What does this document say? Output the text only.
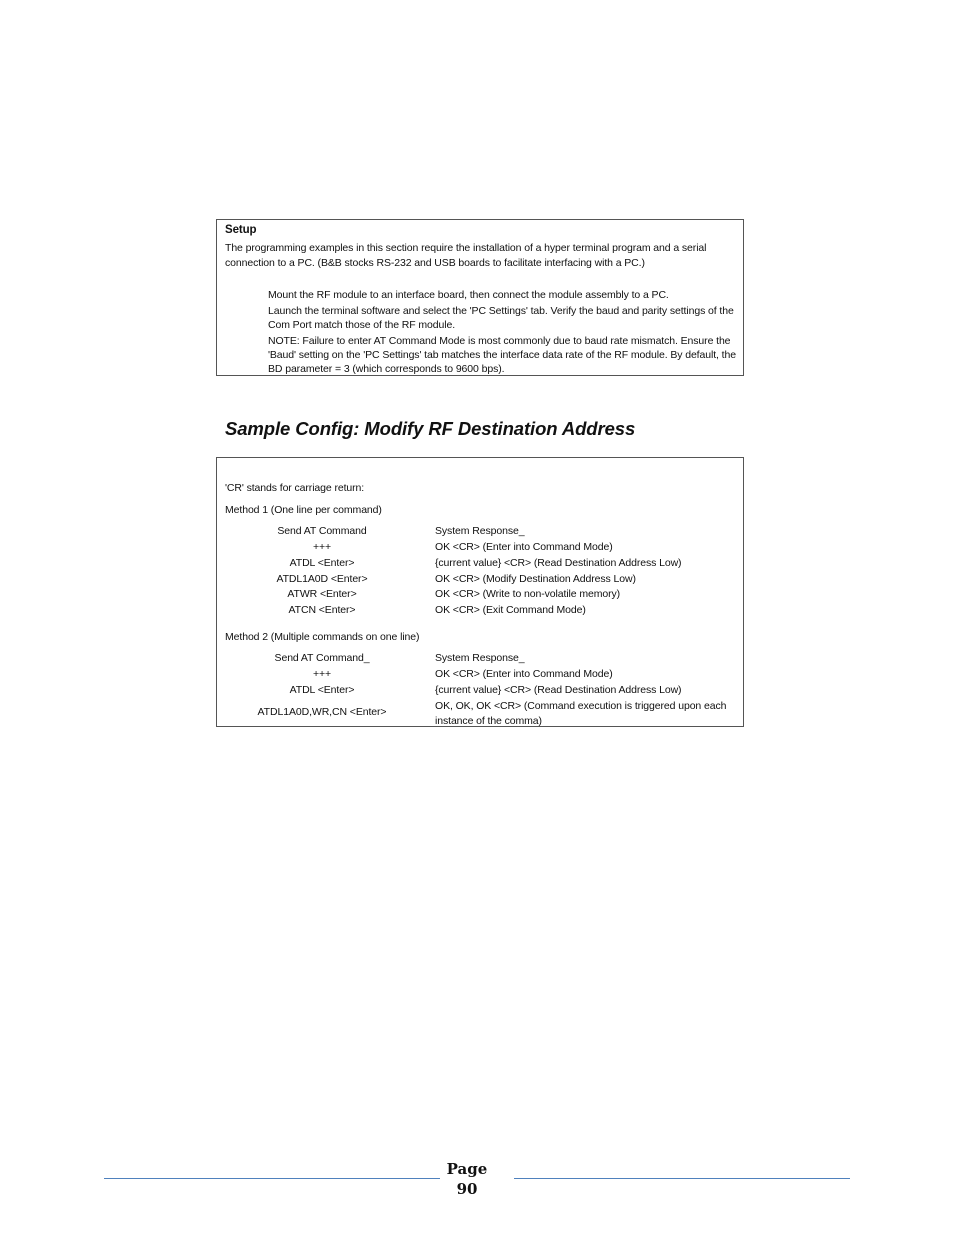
Setup
The programming examples in this section require the installation of a hyper terminal program and a serial connection to a PC. (B&B stocks RS-232 and USB boards to facilitate interfacing with a PC.)
Mount the RF module to an interface board, then connect the module assembly to a PC.
Launch the terminal software and select the 'PC Settings' tab. Verify the baud and parity settings of the Com Port match those of the RF module.
NOTE: Failure to enter AT Command Mode is most commonly due to baud rate mismatch. Ensure the 'Baud' setting on the 'PC Settings' tab matches the interface data rate of the RF module. By default, the BD parameter = 3 (which corresponds to 9600 bps).
Sample Config: Modify RF Destination Address
'CR' stands for carriage return:
Method 1 (One line per command)
Send AT Command	System Response_
+++	OK <CR> (Enter into Command Mode)
ATDL <Enter>	{current value} <CR> (Read Destination Address Low)
ATDL1A0D <Enter>	OK <CR> (Modify Destination Address Low)
ATWR <Enter>	OK <CR> (Write to non-volatile memory)
ATCN <Enter>	OK <CR> (Exit Command Mode)
Method 2 (Multiple commands on one line)
Send AT Command_	System Response_
+++	OK <CR> (Enter into Command Mode)
ATDL <Enter>	{current value} <CR> (Read Destination Address Low)
ATDL1A0D,WR,CN <Enter>	OK, OK, OK <CR> (Command execution is triggered upon each instance of the comma)
Page
90
